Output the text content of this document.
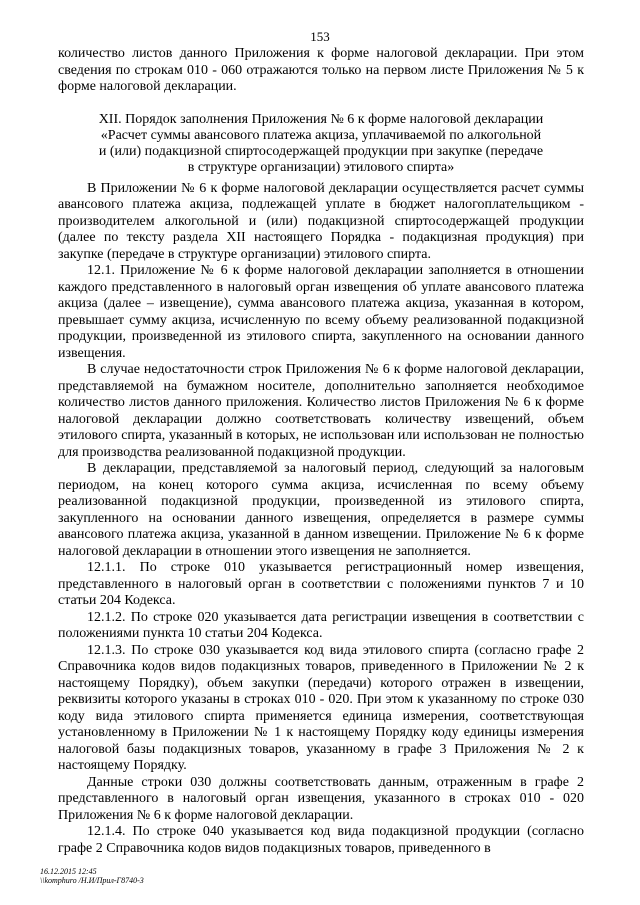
153

количество листов данного Приложения к форме налоговой декларации. При этом сведения по строкам 010 - 060 отражаются только на первом листе Приложения № 5 к форме налоговой декларации.

XII. Порядок заполнения Приложения № 6 к форме налоговой декларации
«Расчет суммы авансового платежа акциза, уплачиваемой по алкогольной
и (или) подакцизной спиртосодержащей продукции при закупке (передаче
в структуре организации) этилового спирта»

В Приложении № 6 к форме налоговой декларации осуществляется расчет суммы авансового платежа акциза, подлежащей уплате в бюджет налогоплательщиком - производителем алкогольной и (или) подакцизной спиртосодержащей продукции (далее по тексту раздела XII настоящего Порядка - подакцизная продукция) при закупке (передаче в структуре организации) этилового спирта.

12.1. Приложение № 6 к форме налоговой декларации заполняется в отношении каждого представленного в налоговый орган извещения об уплате авансового платежа акциза (далее – извещение), сумма авансового платежа акциза, указанная в котором, превышает сумму акциза, исчисленную по всему объему реализованной подакцизной продукции, произведенной из этилового спирта, закупленного на основании данного извещения.

В случае недостаточности строк Приложения № 6 к форме налоговой декларации, представляемой на бумажном носителе, дополнительно заполняется необходимое количество листов данного приложения. Количество листов Приложения № 6 к форме налоговой декларации должно соответствовать количеству извещений, объем этилового спирта, указанный в которых, не использован или использован не полностью для производства реализованной подакцизной продукции.

В декларации, представляемой за налоговый период, следующий за налоговым периодом, на конец которого сумма акциза, исчисленная по всему объему реализованной подакцизной продукции, произведенной из этилового спирта, закупленного на основании данного извещения, определяется в размере суммы авансового платежа акциза, указанной в данном извещении. Приложение № 6 к форме налоговой декларации в отношении этого извещения не заполняется.

12.1.1. По строке 010 указывается регистрационный номер извещения, представленного в налоговый орган в соответствии с положениями пунктов 7 и 10 статьи 204 Кодекса.

12.1.2. По строке 020 указывается дата регистрации извещения в соответствии с положениями пункта 10 статьи 204 Кодекса.

12.1.3. По строке 030 указывается код вида этилового спирта (согласно графе 2 Справочника кодов видов подакцизных товаров, приведенного в Приложении № 2 к настоящему Порядку), объем закупки (передачи) которого отражен в извещении, реквизиты которого указаны в строках 010 - 020. При этом к указанному по строке 030 коду вида этилового спирта применяется единица измерения, соответствующая установленному в Приложении № 1 к настоящему Порядку коду единицы измерения налоговой базы подакцизных товаров, указанному в графе 3 Приложения № 2 к настоящему Порядку.

Данные строки 030 должны соответствовать данным, отраженным в графе 2 представленного в налоговый орган извещения, указанного в строках 010 - 020 Приложения № 6 к форме налоговой декларации.

12.1.4. По строке 040 указывается код вида подакцизной продукции (согласно графе 2 Справочника кодов видов подакцизных товаров, приведенного в

16.12.2015 12:45
\\komphuro /Н.И/Прил-Г8740-3
